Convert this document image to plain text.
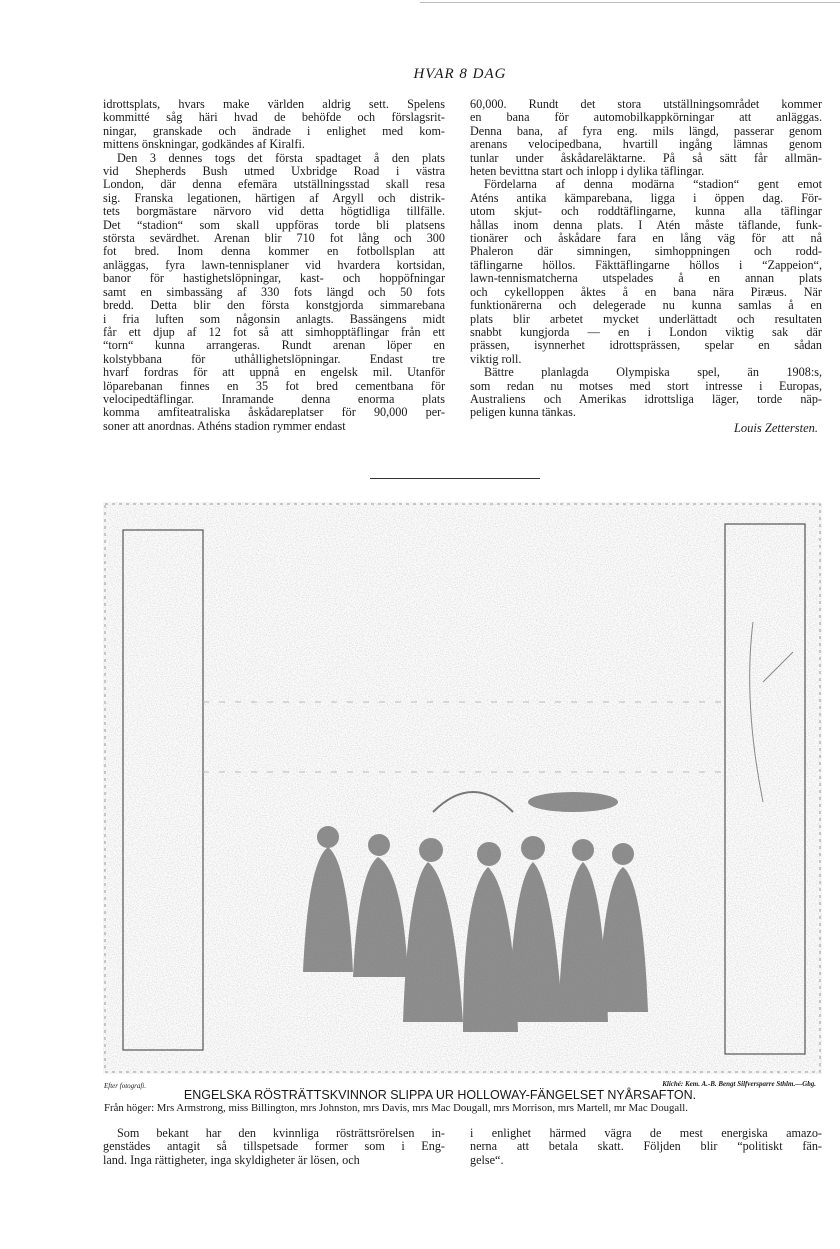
HVAR 8 DAG
idrottsplats, hvars make världen aldrig sett. Spelens
kommitté såg häri hvad de behöfde och förslagsrit-
ningar, granskade och ändrade i enlighet med kom-
mittens önskningar, godkändes af Kiralfi.
Den 3 dennes togs det första spadtaget å den plats
vid Shepherds Bush utmed Uxbridge Road i västra
London, där denna efemära utställningsstad skall resa
sig. Franska legationen, härtigen af Argyll och distrik-
tets borgmästare närvoro vid detta högtidliga tillfälle.
Det “stadion“ som skall uppföras torde bli platsens
största sevärdhet. Arenan blir 710 fot lång och 300
fot bred. Inom denna kommer en fotbollsplan att
anläggas, fyra lawn-tennisplaner vid hvardera kortsidan,
banor för hastighetslöpningar, kast- och hoppöfningar
samt en simbassäng af 330 fots längd och 50 fots
bredd. Detta blir den första konstgjorda simmarebana
i fria luften som någonsin anlagts. Bassängens midt
får ett djup af 12 fot så att simhopptäflingar från ett
“torn“ kunna arrangeras. Rundt arenan löper en
kolstybbana för uthållighetslöpningar. Endast tre
hvarf fordras för att uppnå en engelsk mil. Utanför
löparebanan finnes en 35 fot bred cementbana för
velocipedtäflingar. Inramande denna enorma plats
komma amfiteatraliska åskådareplatser för 90,000 per-
soner att anordnas. Athéns stadion rymmer endast
60,000. Rundt det stora utställningsområdet kommer
en bana för automobilkappkörningar att anläggas.
Denna bana, af fyra eng. mils längd, passerar genom
arenans velocipedbana, hvartill ingång lämnas genom
tunlar under åskådareläktarne. På så sätt får allmän-
heten bevittna start och inlopp i dylika täflingar.
Fördelarna af denna modärna “stadion“ gent emot
Aténs antika kämparebana, ligga i öppen dag. För-
utom skjut- och roddtäflingarne, kunna alla täflingar
hållas inom denna plats. I Atén måste täflande, funk-
tionärer och åskådare fara en lång väg för att nå
Phaleron där simningen, simhoppningen och rodd-
täflingarne höllos. Fäkttäflingarne höllos i “Zappeion“,
lawn-tennismatcherna utspelades å en annan plats
och cykelloppen åktes å en bana nära Piræus. När
funktionärerna och delegerade nu kunna samlas å en
plats blir arbetet mycket underlättadt och resultaten
snabbt kungjorda — en i London viktig sak där
prässen, isynnerhet idrottsprässen, spelar en sådan
viktig roll.
Bättre planlagda Olympiska spel, än 1908:s,
som redan nu motses med stort intresse i Europas,
Australiens och Amerikas idrottsliga läger, torde näp-
peligen kunna tänkas.
Louis Zettersten.
Efter fotografi.	Kliché: Kem. A.-B. Bengt Silfversparre Sthlm.—Gbg.
ENGELSKA RÖSTRÄTTSKVINNOR SLIPPA UR HOLLOWAY-FÄNGELSET NYÅRSAFTON.
Från höger: Mrs Armstrong, miss Billington, mrs Johnston, mrs Davis, mrs Mac Dougall, mrs Morrison, mrs Martell, mr Mac Dougall.
Som bekant har den kvinnliga rösträttsrörelsen in-
genstädes antagit så tillspetsade former som i Eng-
land. Inga rättigheter, inga skyldigheter är lösen, och
i enlighet härmed vägra de mest energiska amazo-
nerna att betala skatt. Följden blir “politiskt fän-
gelse“.
